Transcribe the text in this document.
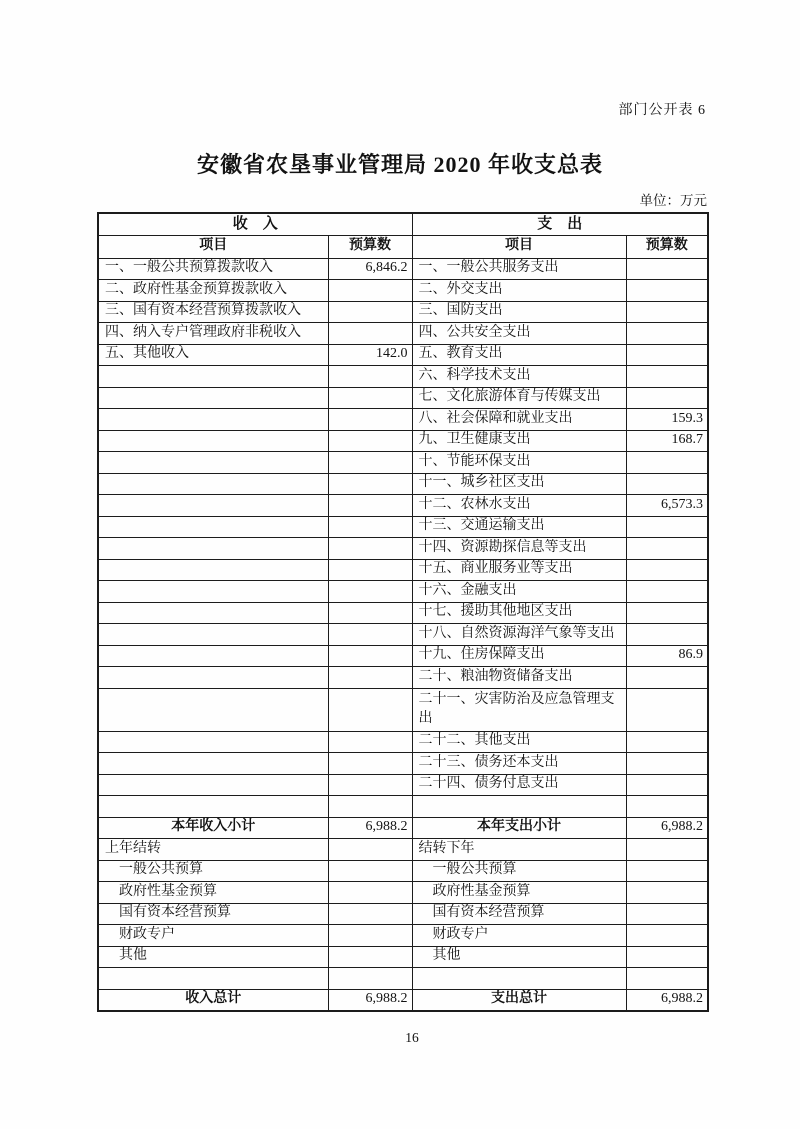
部门公开表 6
安徽省农垦事业管理局 2020 年收支总表
单位：万元
收　入		支　出	
项目	预算数	项目	预算数
一、一般公共预算拨款收入	6,846.2	一、一般公共服务支出	
二、政府性基金预算拨款收入		二、外交支出	
三、国有资本经营预算拨款收入		三、国防支出	
四、纳入专户管理政府非税收入		四、公共安全支出	
五、其他收入	142.0	五、教育支出	
		六、科学技术支出	
		七、文化旅游体育与传媒支出	
		八、社会保障和就业支出	159.3
		九、卫生健康支出	168.7
		十、节能环保支出	
		十一、城乡社区支出	
		十二、农林水支出	6,573.3
		十三、交通运输支出	
		十四、资源勘探信息等支出	
		十五、商业服务业等支出	
		十六、金融支出	
		十七、援助其他地区支出	
		十八、自然资源海洋气象等支出	
		十九、住房保障支出	86.9
		二十、粮油物资储备支出	
		二十一、灾害防治及应急管理支出	
		二十二、其他支出	
		二十三、债务还本支出	
		二十四、债务付息支出	

本年收入小计	6,988.2	本年支出小计	6,988.2
上年结转		结转下年	
一般公共预算		一般公共预算	
政府性基金预算		政府性基金预算	
国有资本经营预算		国有资本经营预算	
财政专户		财政专户	
其他		其他	

收入总计	6,988.2	支出总计	6,988.2
16
